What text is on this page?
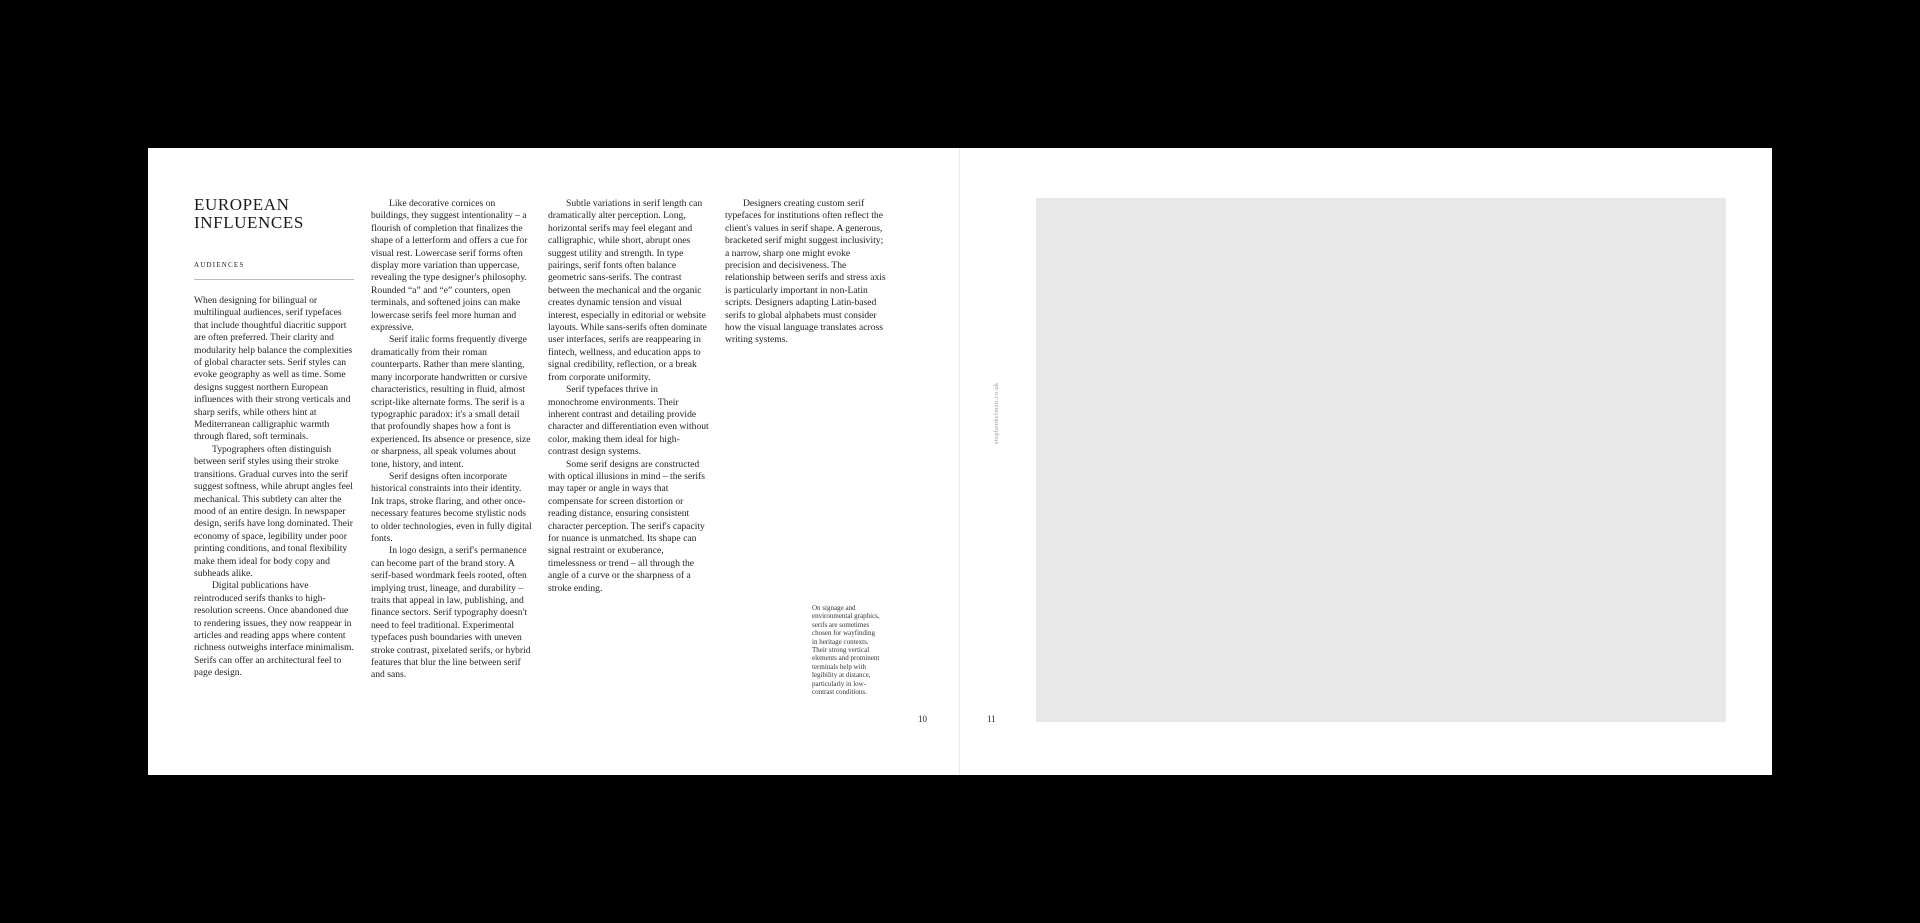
EUROPEAN INFLUENCES
AUDIENCES

When designing for bilingual or multilingual audiences, serif typefaces that include thoughtful diacritic support are often preferred. Their clarity and modularity help balance the complexities of global character sets. Serif styles can evoke geography as well as time. Some designs suggest northern European influences with their strong verticals and sharp serifs, while others hint at Mediterranean calligraphic warmth through flared, soft terminals.

Typographers often distinguish between serif styles using their stroke transitions. Gradual curves into the serif suggest softness, while abrupt angles feel mechanical. This subtlety can alter the mood of an entire design. In newspaper design, serifs have long dominated. Their economy of space, legibility under poor printing conditions, and tonal flexibility make them ideal for body copy and subheads alike.

Digital publications have reintroduced serifs thanks to high-resolution screens. Once abandoned due to rendering issues, they now reappear in articles and reading apps where content richness outweighs interface minimalism. Serifs can offer an architectural feel to page design.

Like decorative cornices on buildings, they suggest intentionality – a flourish of completion that finalizes the shape of a letterform and offers a cue for visual rest. Lowercase serif forms often display more variation than uppercase, revealing the type designer's philosophy. Rounded “a” and “e” counters, open terminals, and softened joins can make lowercase serifs feel more human and expressive.

Serif italic forms frequently diverge dramatically from their roman counterparts. Rather than mere slanting, many incorporate handwritten or cursive characteristics, resulting in fluid, almost script-like alternate forms. The serif is a typographic paradox: it's a small detail that profoundly shapes how a font is experienced. Its absence or presence, size or sharpness, all speak volumes about tone, history, and intent.

Serif designs often incorporate historical constraints into their identity. Ink traps, stroke flaring, and other once-necessary features become stylistic nods to older technologies, even in fully digital fonts.

In logo design, a serif's permanence can become part of the brand story. A serif-based wordmark feels rooted, often implying trust, lineage, and durability – traits that appeal in law, publishing, and finance sectors. Serif typography doesn't need to feel traditional. Experimental typefaces push boundaries with uneven stroke contrast, pixelated serifs, or hybrid features that blur the line between serif and sans.

Subtle variations in serif length can dramatically alter perception. Long, horizontal serifs may feel elegant and calligraphic, while short, abrupt ones suggest utility and strength. In type pairings, serif fonts often balance geometric sans-serifs. The contrast between the mechanical and the organic creates dynamic tension and visual interest, especially in editorial or website layouts. While sans-serifs often dominate user interfaces, serifs are reappearing in fintech, wellness, and education apps to signal credibility, reflection, or a break from corporate uniformity.

Serif typefaces thrive in monochrome environments. Their inherent contrast and detailing provide character and differentiation even without color, making them ideal for high-contrast design systems.

Some serif designs are constructed with optical illusions in mind – the serifs may taper or angle in ways that compensate for screen distortion or reading distance, ensuring consistent character perception. The serif's capacity for nuance is unmatched. Its shape can signal restraint or exuberance, timelessness or trend – all through the angle of a curve or the sharpness of a stroke ending.

Designers creating custom serif typefaces for institutions often reflect the client's values in serif shape. A generous, bracketed serif might suggest inclusivity; a narrow, sharp one might evoke precision and decisiveness. The relationship between serifs and stress axis is particularly important in non-Latin scripts. Designers adapting Latin-based serifs to global alphabets must consider how the visual language translates across writing systems.

On signage and environmental graphics, serifs are sometimes chosen for wayfinding in heritage contexts. Their strong vertical elements and prominent terminals help with legibility at distance, particularly in low-contrast conditions.
10
stephenkelman.co.uk
11
